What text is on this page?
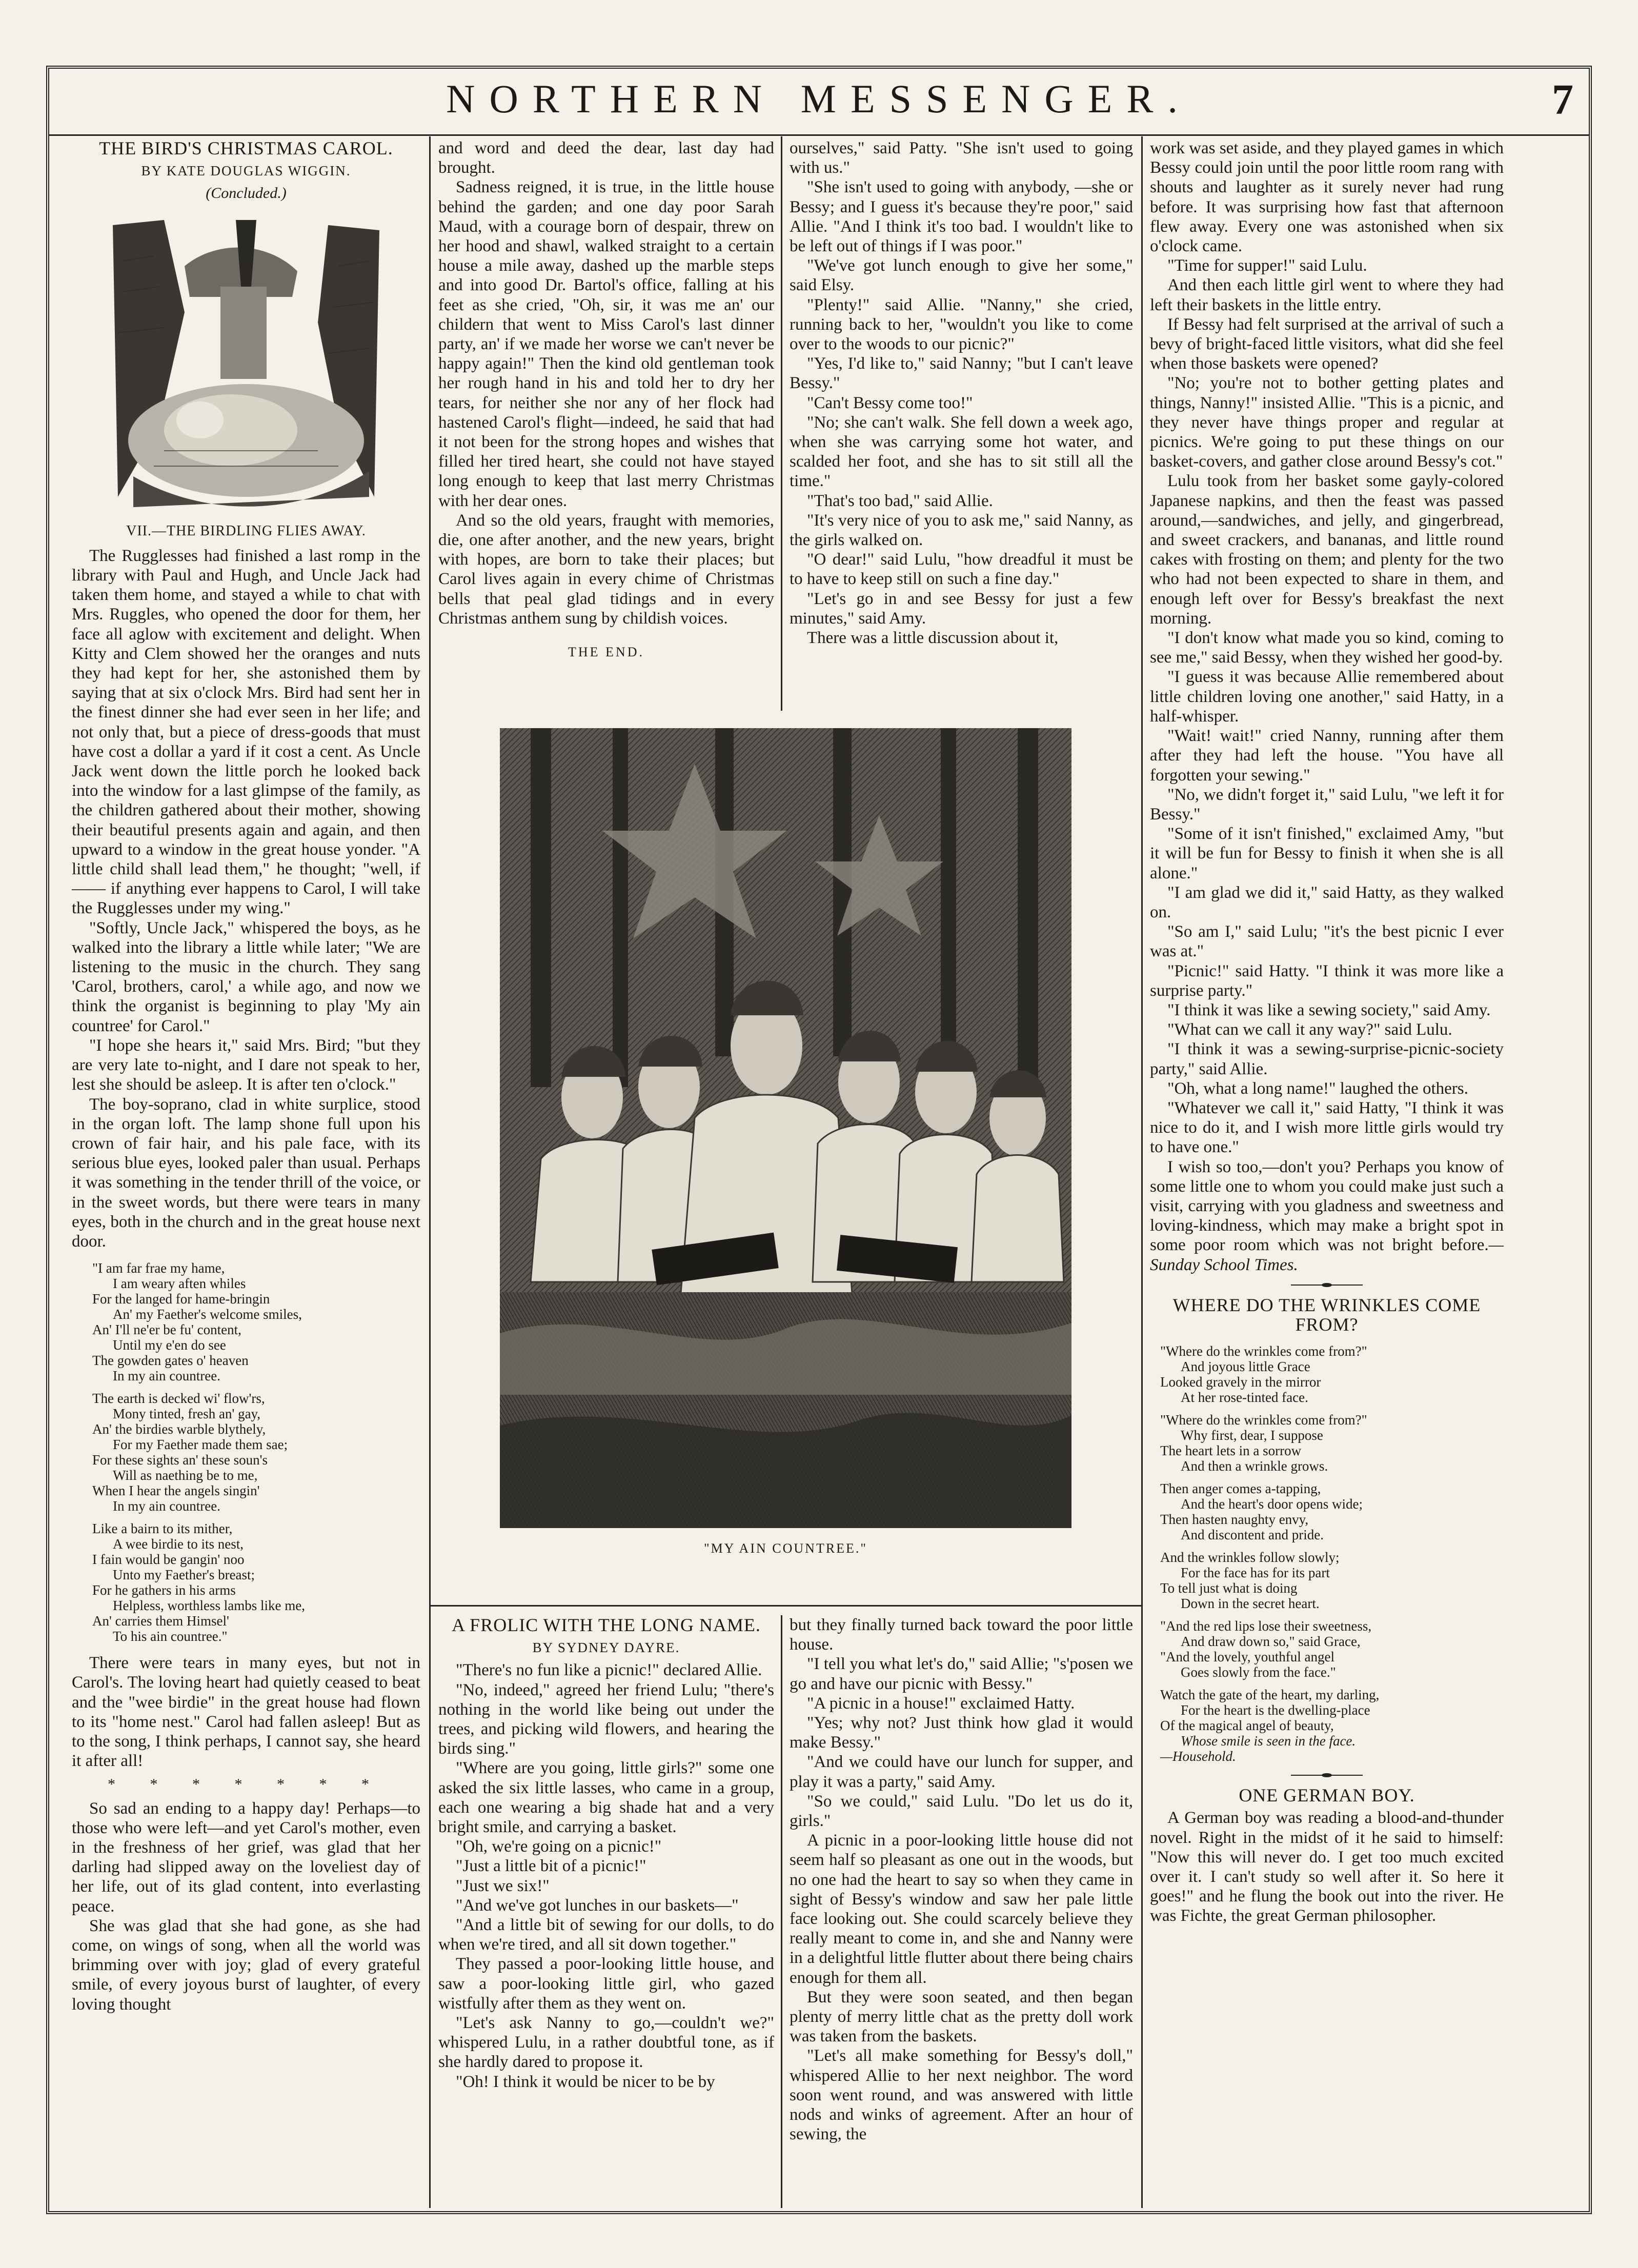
NORTHERN MESSENGER.	7
THE BIRD'S CHRISTMAS CAROL.
BY KATE DOUGLAS WIGGIN.
(Concluded.)
VII.—THE BIRDLING FLIES AWAY.

The Rugglesses had finished a last romp in the library with Paul and Hugh, and Uncle Jack had taken them home, and stayed a while to chat with Mrs. Ruggles, who opened the door for them, her face all aglow with excitement and delight. When Kitty and Clem showed her the oranges and nuts they had kept for her, she astonished them by saying that at six o'clock Mrs. Bird had sent her in the finest dinner she had ever seen in her life; and not only that, but a piece of dress-goods that must have cost a dollar a yard if it cost a cent. As Uncle Jack went down the little porch he looked back into the window for a last glimpse of the family, as the children gathered about their mother, showing their beautiful presents again and again, and then upward to a window in the great house yonder. "A little child shall lead them," he thought; "well, if —— if anything ever happens to Carol, I will take the Rugglesses under my wing."

"Softly, Uncle Jack," whispered the boys, as he walked into the library a little while later; "We are listening to the music in the church. They sang 'Carol, brothers, carol,' a while ago, and now we think the organist is beginning to play 'My ain countree' for Carol."

"I hope she hears it," said Mrs. Bird; "but they are very late to-night, and I dare not speak to her, lest she should be asleep. It is after ten o'clock."

The boy-soprano, clad in white surplice, stood in the organ loft. The lamp shone full upon his crown of fair hair, and his pale face, with its serious blue eyes, looked paler than usual. Perhaps it was something in the tender thrill of the voice, or in the sweet words, but there were tears in many eyes, both in the church and in the great house next door.

"I am far frae my hame,
I am weary aften whiles
For the langed for hame-bringin
An' my Faether's welcome smiles,
An' I'll ne'er be fu' content,
Until my e'en do see
The gowden gates o' heaven
In my ain countree.
The earth is decked wi' flow'rs,
Mony tinted, fresh an' gay,
An' the birdies warble blythely,
For my Faether made them sae;
For these sights an' these soun's
Will as naething be to me,
When I hear the angels singin'
In my ain countree.
Like a bairn to its mither,
A wee birdie to its nest,
I fain would be gangin' noo
Unto my Faether's breast;
For he gathers in his arms
Helpless, worthless lambs like me,
An' carries them Himsel'
To his ain countree."

There were tears in many eyes, but not in Carol's. The loving heart had quietly ceased to beat and the "wee birdie" in the great house had flown to its "home nest." Carol had fallen asleep! But as to the song, I think perhaps, I cannot say, she heard it after all!

* * * * * * *

So sad an ending to a happy day! Perhaps—to those who were left—and yet Carol's mother, even in the freshness of her grief, was glad that her darling had slipped away on the loveliest day of her life, out of its glad content, into everlasting peace.

She was glad that she had gone, as she had come, on wings of song, when all the world was brimming over with joy; glad of every grateful smile, of every joyous burst of laughter, of every loving thought

and word and deed the dear, last day had brought.

Sadness reigned, it is true, in the little house behind the garden; and one day poor Sarah Maud, with a courage born of despair, threw on her hood and shawl, walked straight to a certain house a mile away, dashed up the marble steps and into good Dr. Bartol's office, falling at his feet as she cried, "Oh, sir, it was me an' our childern that went to Miss Carol's last dinner party, an' if we made her worse we can't never be happy again!" Then the kind old gentleman took her rough hand in his and told her to dry her tears, for neither she nor any of her flock had hastened Carol's flight—indeed, he said that had it not been for the strong hopes and wishes that filled her tired heart, she could not have stayed long enough to keep that last merry Christmas with her dear ones.

And so the old years, fraught with memories, die, one after another, and the new years, bright with hopes, are born to take their places; but Carol lives again in every chime of Christmas bells that peal glad tidings and in every Christmas anthem sung by childish voices.

THE END.

ourselves," said Patty. "She isn't used to going with us."

"She isn't used to going with anybody, —she or Bessy; and I guess it's because they're poor," said Allie. "And I think it's too bad. I wouldn't like to be left out of things if I was poor."

"We've got lunch enough to give her some," said Elsy.

"Plenty!" said Allie. "Nanny," she cried, running back to her, "wouldn't you like to come over to the woods to our picnic?"

"Yes, I'd like to," said Nanny; "but I can't leave Bessy."

"Can't Bessy come too!"

"No; she can't walk. She fell down a week ago, when she was carrying some hot water, and scalded her foot, and she has to sit still all the time."

"That's too bad," said Allie.

"It's very nice of you to ask me," said Nanny, as the girls walked on.

"O dear!" said Lulu, "how dreadful it must be to have to keep still on such a fine day."

"Let's go in and see Bessy for just a few minutes," said Amy.

There was a little discussion about it,

"MY AIN COUNTREE."
A FROLIC WITH THE LONG NAME.
BY SYDNEY DAYRE.

"There's no fun like a picnic!" declared Allie.

"No, indeed," agreed her friend Lulu; "there's nothing in the world like being out under the trees, and picking wild flowers, and hearing the birds sing."

"Where are you going, little girls?" some one asked the six little lasses, who came in a group, each one wearing a big shade hat and a very bright smile, and carrying a basket.

"Oh, we're going on a picnic!"

"Just a little bit of a picnic!"

"Just we six!"

"And we've got lunches in our baskets—"

"And a little bit of sewing for our dolls, to do when we're tired, and all sit down together."

They passed a poor-looking little house, and saw a poor-looking little girl, who gazed wistfully after them as they went on.

"Let's ask Nanny to go,—couldn't we?" whispered Lulu, in a rather doubtful tone, as if she hardly dared to propose it.

"Oh! I think it would be nicer to be by

but they finally turned back toward the poor little house.

"I tell you what let's do," said Allie; "s'posen we go and have our picnic with Bessy."

"A picnic in a house!" exclaimed Hatty.

"Yes; why not? Just think how glad it would make Bessy."

"And we could have our lunch for supper, and play it was a party," said Amy.

"So we could," said Lulu. "Do let us do it, girls."

A picnic in a poor-looking little house did not seem half so pleasant as one out in the woods, but no one had the heart to say so when they came in sight of Bessy's window and saw her pale little face looking out. She could scarcely believe they really meant to come in, and she and Nanny were in a delightful little flutter about there being chairs enough for them all.

But they were soon seated, and then began plenty of merry little chat as the pretty doll work was taken from the baskets.

"Let's all make something for Bessy's doll," whispered Allie to her next neighbor. The word soon went round, and was answered with little nods and winks of agreement. After an hour of sewing, the

work was set aside, and they played games in which Bessy could join until the poor little room rang with shouts and laughter as it surely never had rung before. It was surprising how fast that afternoon flew away. Every one was astonished when six o'clock came.

"Time for supper!" said Lulu.

And then each little girl went to where they had left their baskets in the little entry.

If Bessy had felt surprised at the arrival of such a bevy of bright-faced little visitors, what did she feel when those baskets were opened?

"No; you're not to bother getting plates and things, Nanny!" insisted Allie. "This is a picnic, and they never have things proper and regular at picnics. We're going to put these things on our basket-covers, and gather close around Bessy's cot."

Lulu took from her basket some gayly-colored Japanese napkins, and then the feast was passed around,—sandwiches, and jelly, and gingerbread, and sweet crackers, and bananas, and little round cakes with frosting on them; and plenty for the two who had not been expected to share in them, and enough left over for Bessy's breakfast the next morning.

"I don't know what made you so kind, coming to see me," said Bessy, when they wished her good-by.

"I guess it was because Allie remembered about little children loving one another," said Hatty, in a half-whisper.

"Wait! wait!" cried Nanny, running after them after they had left the house. "You have all forgotten your sewing."

"No, we didn't forget it," said Lulu, "we left it for Bessy."

"Some of it isn't finished," exclaimed Amy, "but it will be fun for Bessy to finish it when she is all alone."

"I am glad we did it," said Hatty, as they walked on.

"So am I," said Lulu; "it's the best picnic I ever was at."

"Picnic!" said Hatty. "I think it was more like a surprise party."

"I think it was like a sewing society," said Amy.

"What can we call it any way?" said Lulu.

"I think it was a sewing-surprise-picnic-society party," said Allie.

"Oh, what a long name!" laughed the others.

"Whatever we call it," said Hatty, "I think it was nice to do it, and I wish more little girls would try to have one."

I wish so too,—don't you? Perhaps you know of some little one to whom you could make just such a visit, carrying with you gladness and sweetness and loving-kindness, which may make a bright spot in some poor room which was not bright before.—Sunday School Times.

WHERE DO THE WRINKLES COME FROM?
"Where do the wrinkles come from?"
And joyous little Grace
Looked gravely in the mirror
At her rose-tinted face.
"Where do the wrinkles come from?"
Why first, dear, I suppose
The heart lets in a sorrow
And then a wrinkle grows.
Then anger comes a-tapping,
And the heart's door opens wide;
Then hasten naughty envy,
And discontent and pride.
And the wrinkles follow slowly;
For the face has for its part
To tell just what is doing
Down in the secret heart.
"And the red lips lose their sweetness,
And draw down so," said Grace,
"And the lovely, youthful angel
Goes slowly from the face."
Watch the gate of the heart, my darling,
For the heart is the dwelling-place
Of the magical angel of beauty,
Whose smile is seen in the face.
—Household.
ONE GERMAN BOY.

A German boy was reading a blood-and-thunder novel. Right in the midst of it he said to himself: "Now this will never do. I get too much excited over it. I can't study so well after it. So here it goes!" and he flung the book out into the river. He was Fichte, the great German philosopher.
